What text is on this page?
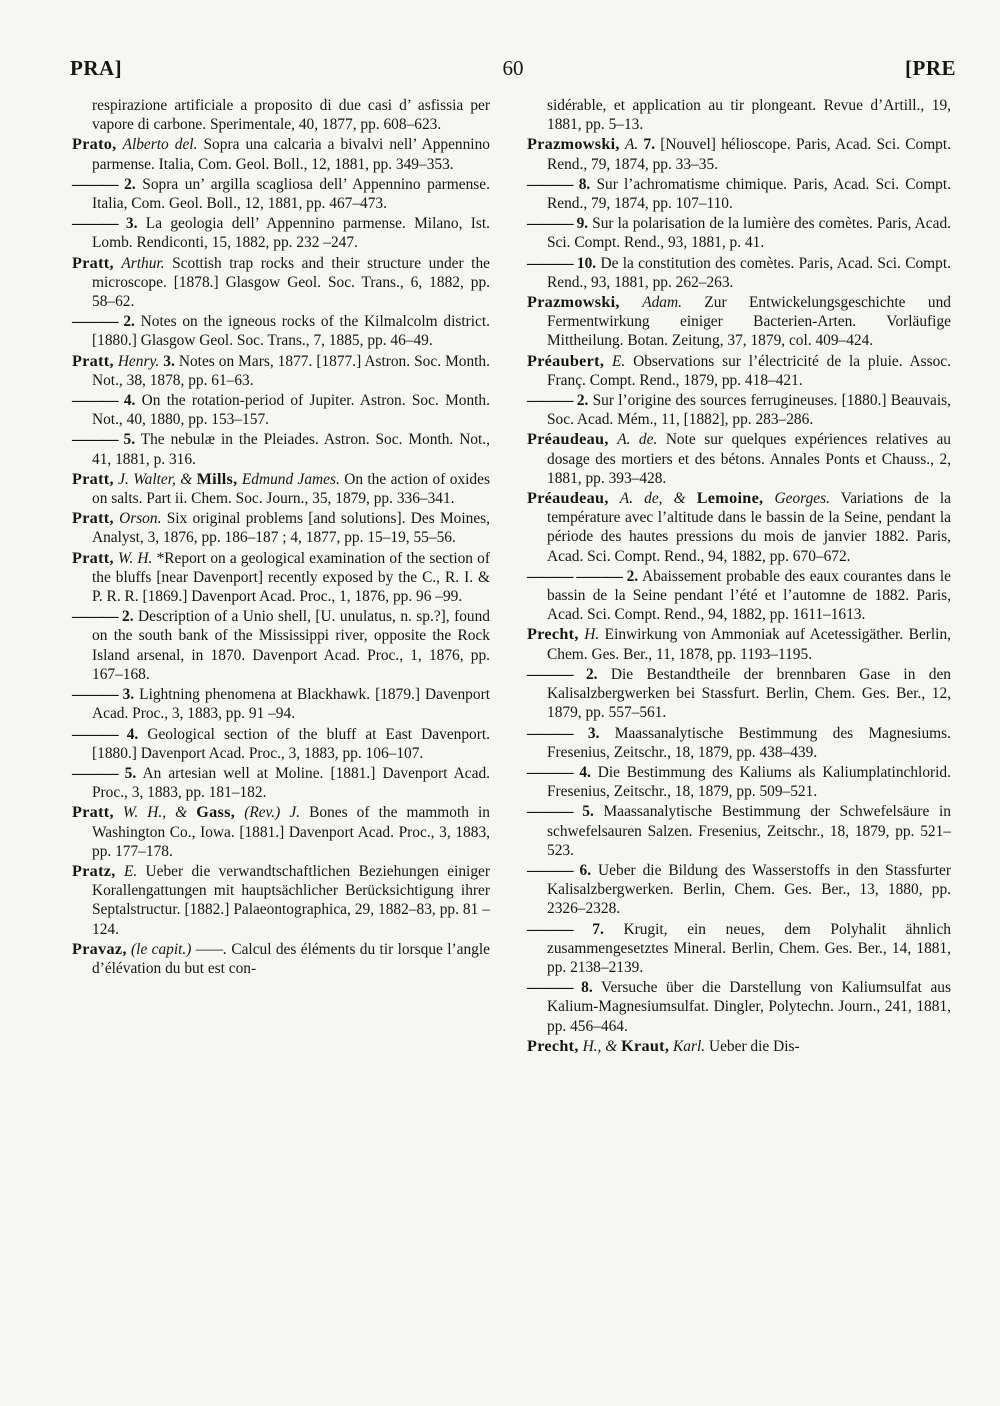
PRA]	60	[PRE

respirazione artificiale a proposito di due casi d’ asfissia per vapore di carbone. Sperimentale, 40, 1877, pp. 608–623.

Prato, Alberto del. Sopra una calcaria a bivalvi nell’ Appennino parmense. Italia, Com. Geol. Boll., 12, 1881, pp. 349–353.

——— 2. Sopra un’ argilla scagliosa dell’ Appennino parmense. Italia, Com. Geol. Boll., 12, 1881, pp. 467–473.

——— 3. La geologia dell’ Appennino parmense. Milano, Ist. Lomb. Rendiconti, 15, 1882, pp. 232 –247.

Pratt, Arthur. Scottish trap rocks and their structure under the microscope. [1878.] Glasgow Geol. Soc. Trans., 6, 1882, pp. 58–62.

——— 2. Notes on the igneous rocks of the Kilmalcolm district. [1880.] Glasgow Geol. Soc. Trans., 7, 1885, pp. 46–49.

Pratt, Henry. 3. Notes on Mars, 1877. [1877.] Astron. Soc. Month. Not., 38, 1878, pp. 61–63.

——— 4. On the rotation-period of Jupiter. Astron. Soc. Month. Not., 40, 1880, pp. 153–157.

——— 5. The nebulæ in the Pleiades. Astron. Soc. Month. Not., 41, 1881, p. 316.

Pratt, J. Walter, & Mills, Edmund James. On the action of oxides on salts. Part ii. Chem. Soc. Journ., 35, 1879, pp. 336–341.

Pratt, Orson. Six original problems [and solutions]. Des Moines, Analyst, 3, 1876, pp. 186–187 ; 4, 1877, pp. 15–19, 55–56.

Pratt, W. H. *Report on a geological examination of the section of the bluffs [near Davenport] recently exposed by the C., R. I. & P. R. R. [1869.] Davenport Acad. Proc., 1, 1876, pp. 96 –99.

——— 2. Description of a Unio shell, [U. unulatus, n. sp.?], found on the south bank of the Mississippi river, opposite the Rock Island arsenal, in 1870. Davenport Acad. Proc., 1, 1876, pp. 167–168.

——— 3. Lightning phenomena at Blackhawk. [1879.] Davenport Acad. Proc., 3, 1883, pp. 91 –94.

——— 4. Geological section of the bluff at East Davenport. [1880.] Davenport Acad. Proc., 3, 1883, pp. 106–107.

——— 5. An artesian well at Moline. [1881.] Davenport Acad. Proc., 3, 1883, pp. 181–182.

Pratt, W. H., & Gass, (Rev.) J. Bones of the mammoth in Washington Co., Iowa. [1881.] Davenport Acad. Proc., 3, 1883, pp. 177–178.

Pratz, E. Ueber die verwandtschaftlichen Beziehungen einiger Korallengattungen mit hauptsächlicher Berücksichtigung ihrer Septalstructur. [1882.] Palaeontographica, 29, 1882–83, pp. 81 –124.

Pravaz, (le capit.) ——. Calcul des éléments du tir lorsque l’angle d’élévation du but est con-

sidérable, et application au tir plongeant. Revue d’Artill., 19, 1881, pp. 5–13.

Prazmowski, A. 7. [Nouvel] hélioscope. Paris, Acad. Sci. Compt. Rend., 79, 1874, pp. 33–35.

——— 8. Sur l’achromatisme chimique. Paris, Acad. Sci. Compt. Rend., 79, 1874, pp. 107–110.

——— 9. Sur la polarisation de la lumière des comètes. Paris, Acad. Sci. Compt. Rend., 93, 1881, p. 41.

——— 10. De la constitution des comètes. Paris, Acad. Sci. Compt. Rend., 93, 1881, pp. 262–263.

Prazmowski, Adam. Zur Entwickelungsgeschichte und Fermentwirkung einiger Bacterien-Arten. Vorläufige Mittheilung. Botan. Zeitung, 37, 1879, col. 409–424.

Préaubert, E. Observations sur l’électricité de la pluie. Assoc. Franç. Compt. Rend., 1879, pp. 418–421.

——— 2. Sur l’origine des sources ferrugineuses. [1880.] Beauvais, Soc. Acad. Mém., 11, [1882], pp. 283–286.

Préaudeau, A. de. Note sur quelques expériences relatives au dosage des mortiers et des bétons. Annales Ponts et Chauss., 2, 1881, pp. 393–428.

Préaudeau, A. de, & Lemoine, Georges. Variations de la température avec l’altitude dans le bassin de la Seine, pendant la période des hautes pressions du mois de janvier 1882. Paris, Acad. Sci. Compt. Rend., 94, 1882, pp. 670–672.

——— ——— 2. Abaissement probable des eaux courantes dans le bassin de la Seine pendant l’été et l’automne de 1882. Paris, Acad. Sci. Compt. Rend., 94, 1882, pp. 1611–1613.

Precht, H. Einwirkung von Ammoniak auf Acetessigäther. Berlin, Chem. Ges. Ber., 11, 1878, pp. 1193–1195.

——— 2. Die Bestandtheile der brennbaren Gase in den Kalisalzbergwerken bei Stassfurt. Berlin, Chem. Ges. Ber., 12, 1879, pp. 557–561.

——— 3. Maassanalytische Bestimmung des Magnesiums. Fresenius, Zeitschr., 18, 1879, pp. 438–439.

——— 4. Die Bestimmung des Kaliums als Kaliumplatinchlorid. Fresenius, Zeitschr., 18, 1879, pp. 509–521.

——— 5. Maassanalytische Bestimmung der Schwefelsäure in schwefelsauren Salzen. Fresenius, Zeitschr., 18, 1879, pp. 521–523.

——— 6. Ueber die Bildung des Wasserstoffs in den Stassfurter Kalisalzbergwerken. Berlin, Chem. Ges. Ber., 13, 1880, pp. 2326–2328.

——— 7. Krugit, ein neues, dem Polyhalit ähnlich zusammengesetztes Mineral. Berlin, Chem. Ges. Ber., 14, 1881, pp. 2138–2139.

——— 8. Versuche über die Darstellung von Kaliumsulfat aus Kalium-Magnesiumsulfat. Dingler, Polytechn. Journ., 241, 1881, pp. 456–464.

Precht, H., & Kraut, Karl. Ueber die Dis-
